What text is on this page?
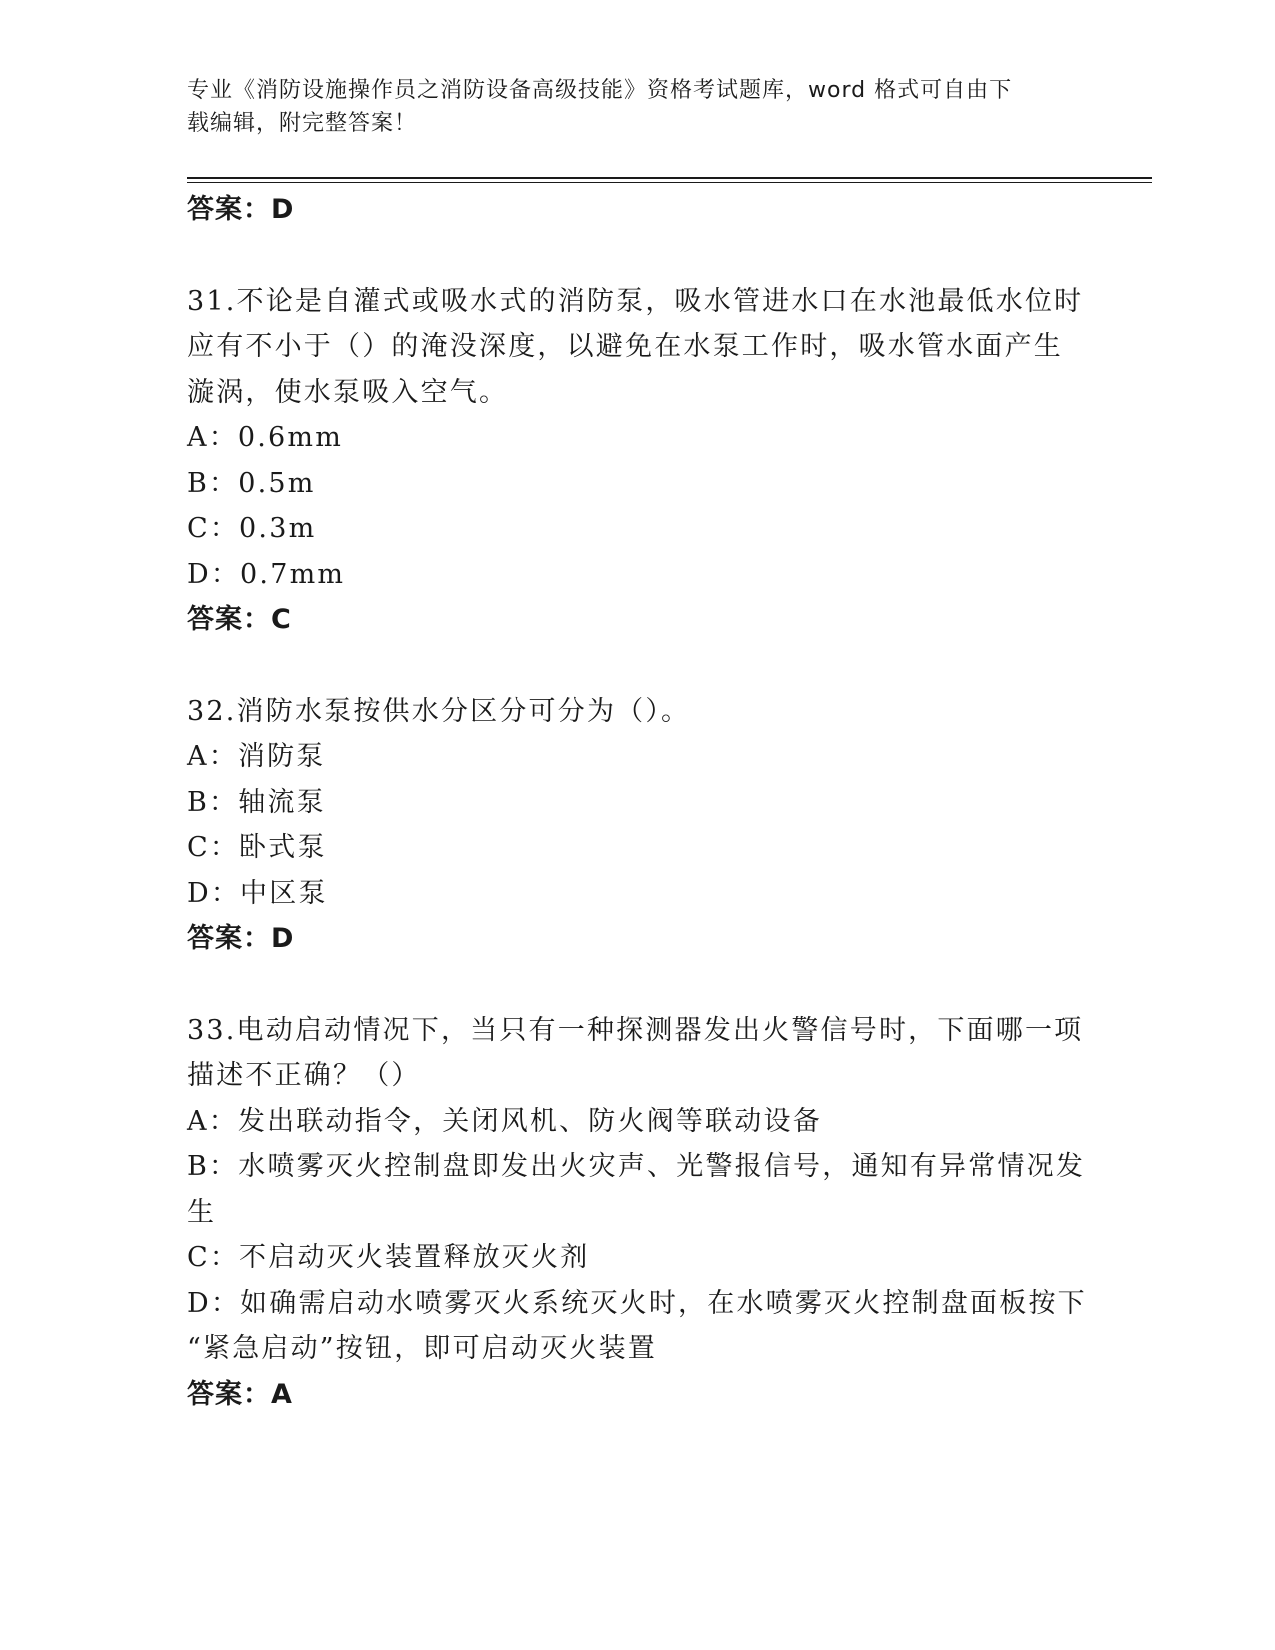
专业《消防设施操作员之消防设备高级技能》资格考试题库，word 格式可自由下
载编辑，附完整答案！
答案：D
31.不论是自灌式或吸水式的消防泵，吸水管进水口在水池最低水位时
应有不小于（）的淹没深度，以避免在水泵工作时，吸水管水面产生
漩涡，使水泵吸入空气。
A：0.6mm
B：0.5m
C：0.3m
D：0.7mm
答案：C
32.消防水泵按供水分区分可分为（）。
A：消防泵
B：轴流泵
C：卧式泵
D：中区泵
答案：D
33.电动启动情况下，当只有一种探测器发出火警信号时，下面哪一项
描述不正确？（）
A：发出联动指令，关闭风机、防火阀等联动设备
B：水喷雾灭火控制盘即发出火灾声、光警报信号，通知有异常情况发
生
C：不启动灭火装置释放灭火剂
D：如确需启动水喷雾灭火系统灭火时，在水喷雾灭火控制盘面板按下
“紧急启动”按钮，即可启动灭火装置
答案：A
